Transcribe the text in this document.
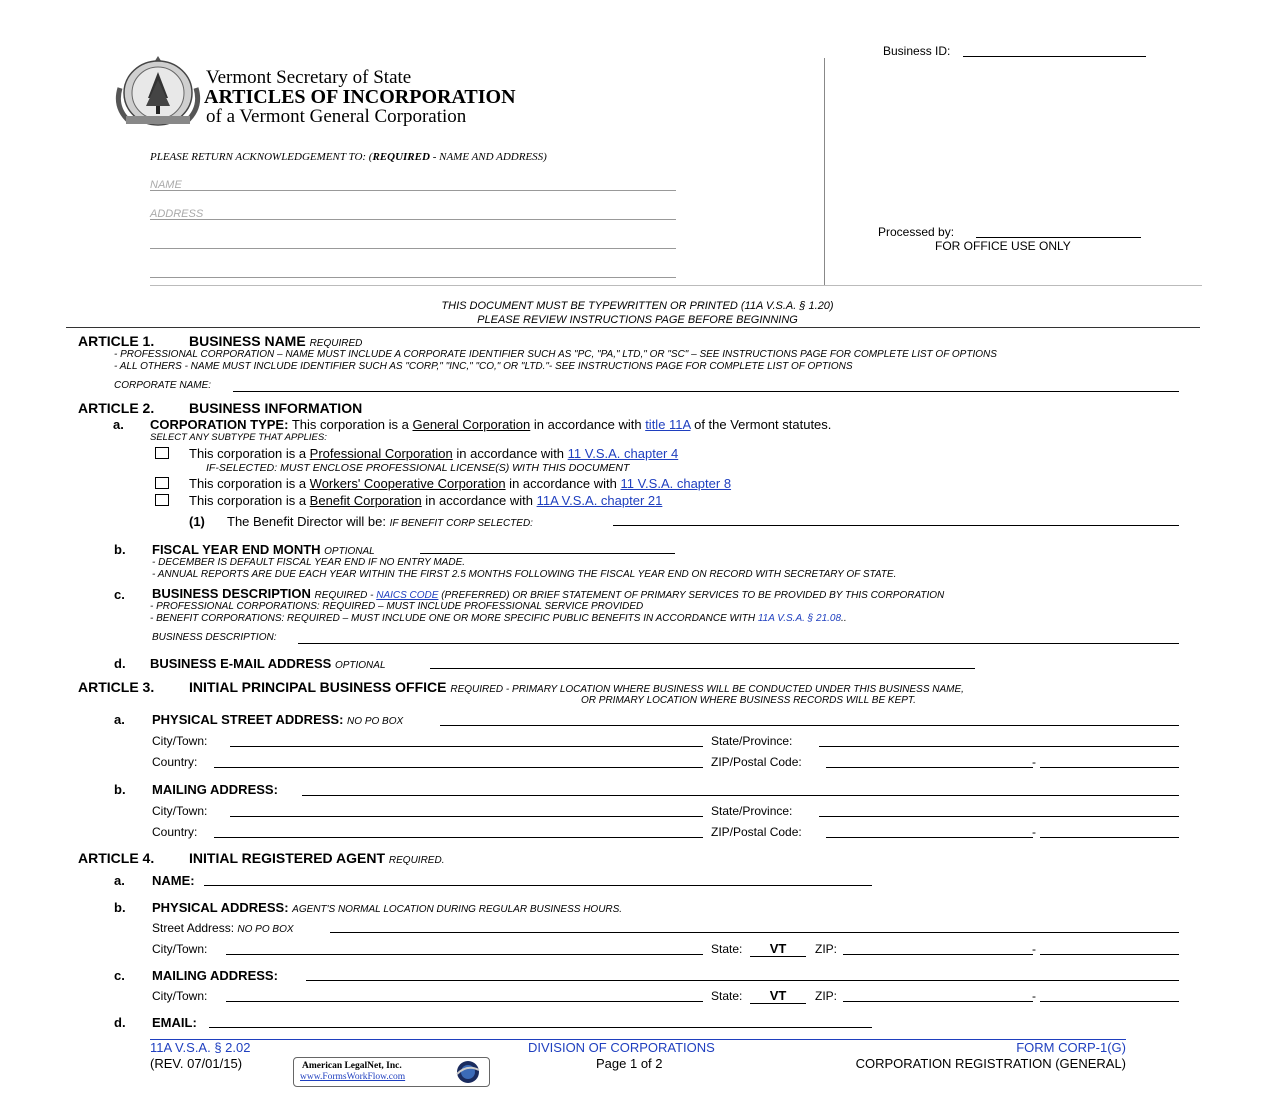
Business ID:
Vermont Secretary of State
ARTICLES OF INCORPORATION
of a Vermont General Corporation
PLEASE RETURN ACKNOWLEDGEMENT TO: (REQUIRED - NAME AND ADDRESS)
NAME
ADDRESS
Processed by:
FOR OFFICE USE ONLY
THIS DOCUMENT MUST BE TYPEWRITTEN OR PRINTED (11A V.S.A. § 1.20)
PLEASE REVIEW INSTRUCTIONS PAGE BEFORE BEGINNING
ARTICLE 1. BUSINESS NAME REQUIRED
- PROFESSIONAL CORPORATION – NAME MUST INCLUDE A CORPORATE IDENTIFIER SUCH AS "PC, "PA," LTD," OR "SC" – SEE INSTRUCTIONS PAGE FOR COMPLETE LIST OF OPTIONS
- ALL OTHERS - NAME MUST INCLUDE IDENTIFIER SUCH AS "CORP," "INC," "CO," OR "LTD."- SEE INSTRUCTIONS PAGE FOR COMPLETE LIST OF OPTIONS
CORPORATE NAME:
ARTICLE 2. BUSINESS INFORMATION
a. CORPORATION TYPE: This corporation is a General Corporation in accordance with title 11A of the Vermont statutes.
SELECT ANY SUBTYPE THAT APPLIES:
This corporation is a Professional Corporation in accordance with 11 V.S.A. chapter 4
IF-SELECTED: MUST ENCLOSE PROFESSIONAL LICENSE(S) WITH THIS DOCUMENT
This corporation is a Workers' Cooperative Corporation in accordance with 11 V.S.A. chapter 8
This corporation is a Benefit Corporation in accordance with 11A V.S.A. chapter 21
(1) The Benefit Director will be: IF BENEFIT CORP SELECTED:
b. FISCAL YEAR END MONTH OPTIONAL
- DECEMBER IS DEFAULT FISCAL YEAR END IF NO ENTRY MADE.
- ANNUAL REPORTS ARE DUE EACH YEAR WITHIN THE FIRST 2.5 MONTHS FOLLOWING THE FISCAL YEAR END ON RECORD WITH SECRETARY OF STATE.
c. BUSINESS DESCRIPTION REQUIRED - NAICS CODE (PREFERRED) OR BRIEF STATEMENT OF PRIMARY SERVICES TO BE PROVIDED BY THIS CORPORATION
- PROFESSIONAL CORPORATIONS: REQUIRED – MUST INCLUDE PROFESSIONAL SERVICE PROVIDED
- BENEFIT CORPORATIONS: REQUIRED – MUST INCLUDE ONE OR MORE SPECIFIC PUBLIC BENEFITS IN ACCORDANCE WITH 11A V.S.A. § 21.08..
BUSINESS DESCRIPTION:
d. BUSINESS E-MAIL ADDRESS OPTIONAL
ARTICLE 3. INITIAL PRINCIPAL BUSINESS OFFICE REQUIRED - PRIMARY LOCATION WHERE BUSINESS WILL BE CONDUCTED UNDER THIS BUSINESS NAME,
OR PRIMARY LOCATION WHERE BUSINESS RECORDS WILL BE KEPT.
a. PHYSICAL STREET ADDRESS: NO PO BOX
City/Town:	State/Province:
Country:	ZIP/Postal Code:	-
b. MAILING ADDRESS:
City/Town:	State/Province:
Country:	ZIP/Postal Code:	-
ARTICLE 4. INITIAL REGISTERED AGENT REQUIRED.
a. NAME:
b. PHYSICAL ADDRESS: AGENT'S NORMAL LOCATION DURING REGULAR BUSINESS HOURS.
Street Address: NO PO BOX
City/Town:	State:	VT	ZIP:	-
c. MAILING ADDRESS:
City/Town:	State:	VT	ZIP:	-
d. EMAIL:
11A V.S.A. § 2.02
(REV. 07/01/15)
DIVISION OF CORPORATIONS
Page 1 of 2
FORM CORP-1(G)
CORPORATION REGISTRATION (GENERAL)
American LegalNet, Inc.
www.FormsWorkFlow.com
